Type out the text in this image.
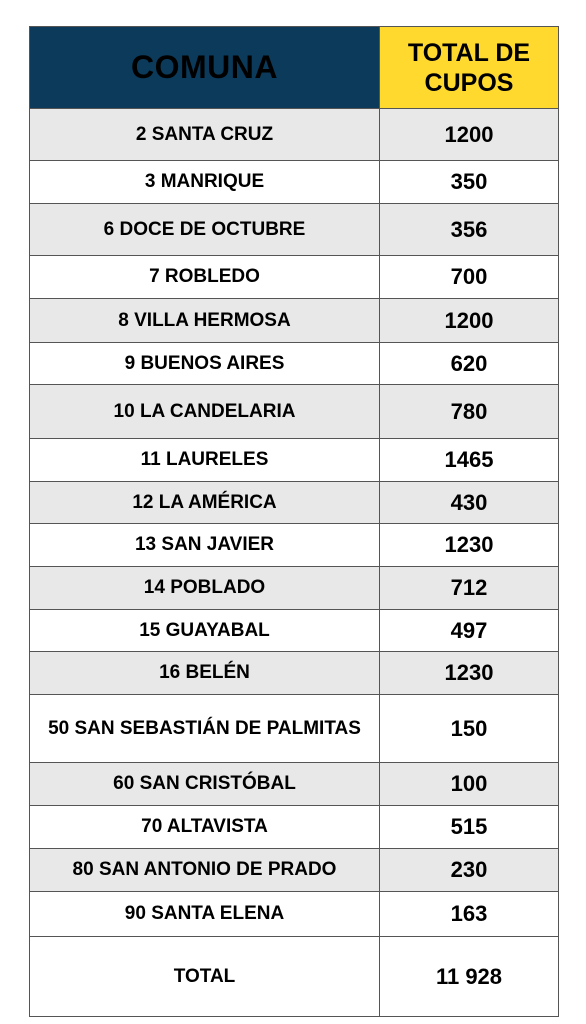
COMUNA	TOTAL DE CUPOS
2 SANTA CRUZ	1200
3 MANRIQUE	350
6 DOCE DE OCTUBRE	356
7 ROBLEDO	700
8 VILLA HERMOSA	1200
9 BUENOS AIRES	620
10 LA CANDELARIA	780
11 LAURELES	1465
12 LA AMÉRICA	430
13 SAN JAVIER	1230
14 POBLADO	712
15 GUAYABAL	497
16 BELÉN	1230
50 SAN SEBASTIÁN DE PALMITAS	150
60 SAN CRISTÓBAL	100
70 ALTAVISTA	515
80 SAN ANTONIO DE PRADO	230
90 SANTA ELENA	163
TOTAL	11 928
